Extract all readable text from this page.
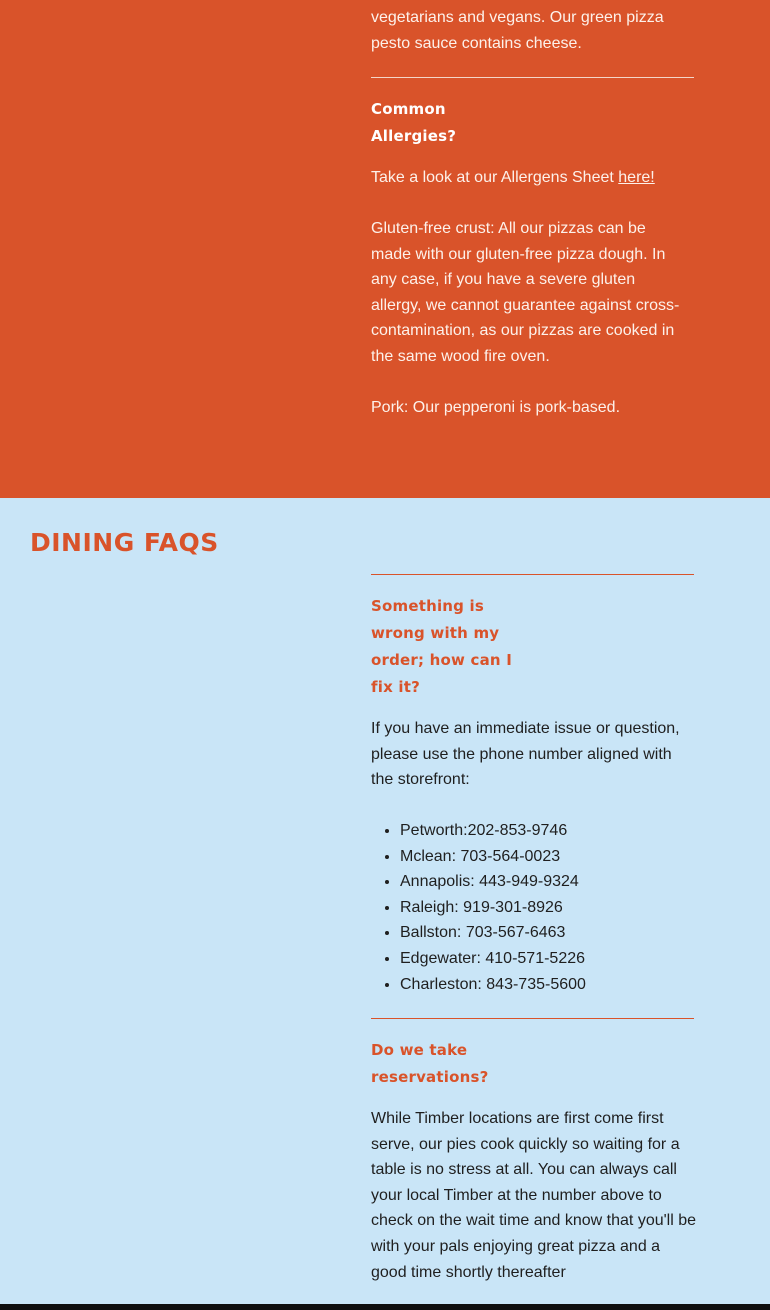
vegetarians and vegans. Our green pizza pesto sauce contains cheese.

Common Allergies?

Take a look at our Allergens Sheet here!

Gluten-free crust: All our pizzas can be made with our gluten-free pizza dough. In any case, if you have a severe gluten allergy, we cannot guarantee against cross-contamination, as our pizzas are cooked in the same wood fire oven.

Pork: Our pepperoni is pork-based.

DINING FAQS
Something is wrong with my order; how can I fix it?

If you have an immediate issue or question, please use the phone number aligned with the storefront:

• Petworth:202-853-9746
• Mclean: 703-564-0023
• Annapolis: 443-949-9324
• Raleigh: 919-301-8926
• Ballston: 703-567-6463
• Edgewater: 410-571-5226
• Charleston: 843-735-5600
Do we take reservations?

While Timber locations are first come first serve, our pies cook quickly so waiting for a table is no stress at all. You can always call your local Timber at the number above to check on the wait time and know that you'll be with your pals enjoying great pizza and a good time shortly thereafter
